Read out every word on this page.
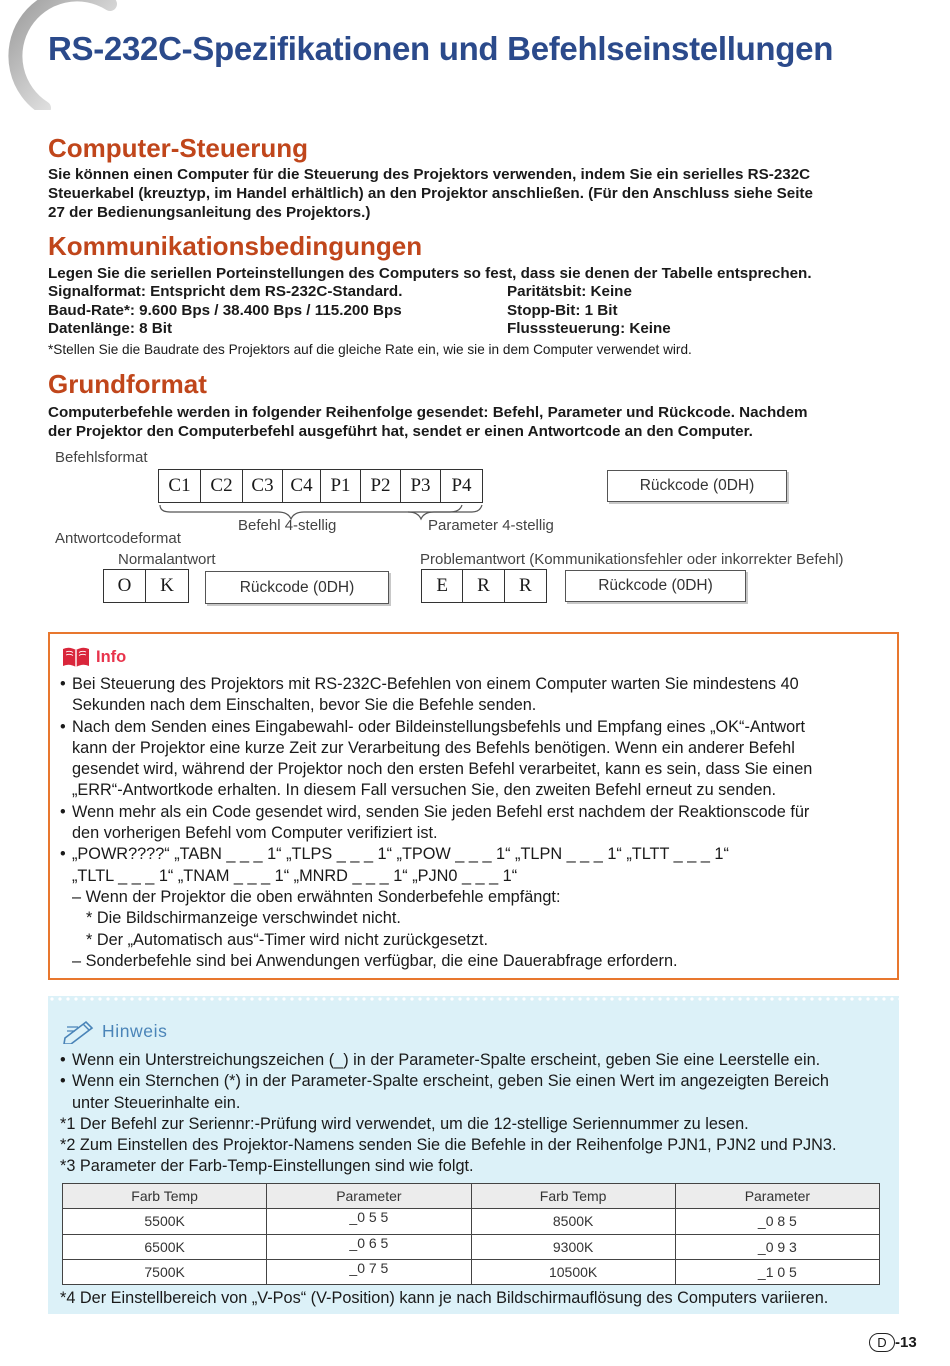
RS-232C-Spezifikationen und Befehlseinstellungen
Computer-Steuerung
Sie können einen Computer für die Steuerung des Projektors verwenden, indem Sie ein serielles RS-232C
Steuerkabel (kreuztyp, im Handel erhältlich) an den Projektor anschließen. (Für den Anschluss siehe Seite
27 der Bedienungsanleitung des Projektors.)
Kommunikationsbedingungen
Legen Sie die seriellen Porteinstellungen des Computers so fest, dass sie denen der Tabelle entsprechen.
Signalformat: Entspricht dem RS-232C-Standard.
Baud-Rate*: 9.600 Bps / 38.400 Bps / 115.200 Bps
Datenlänge: 8 Bit
Paritätsbit: Keine
Stopp-Bit: 1 Bit
Flusssteuerung: Keine
*Stellen Sie die Baudrate des Projektors auf die gleiche Rate ein, wie sie in dem Computer verwendet wird.
Grundformat
Computerbefehle werden in folgender Reihenfolge gesendet: Befehl, Parameter und Rückcode. Nachdem
der Projektor den Computerbefehl ausgeführt hat, sendet er einen Antwortcode an den Computer.
Befehlsformat
C1	C2 C3 C4 P1	P2	P3	P4	Rückcode (0DH)
Befehl 4-stellig	Parameter 4-stellig
Antwortcodeformat
Normalantwort	Problemantwort (Kommunikationsfehler oder inkorrekter Befehl)
O	K	Rückcode (0DH)	E	R	R	Rückcode (0DH)
Info
• Bei Steuerung des Projektors mit RS-232C-Befehlen von einem Computer warten Sie mindestens 40
Sekunden nach dem Einschalten, bevor Sie die Befehle senden.
• Nach dem Senden eines Eingabewahl- oder Bildeinstellungsbefehls und Empfang eines „OK“-Antwort
kann der Projektor eine kurze Zeit zur Verarbeitung des Befehls benötigen. Wenn ein anderer Befehl
gesendet wird, während der Projektor noch den ersten Befehl verarbeitet, kann es sein, dass Sie einen
„ERR“-Antwortkode erhalten. In diesem Fall versuchen Sie, den zweiten Befehl erneut zu senden.
• Wenn mehr als ein Code gesendet wird, senden Sie jeden Befehl erst nachdem der Reaktionscode für
den vorherigen Befehl vom Computer verifiziert ist.
• „POWR????“ „TABN _ _ _ 1“ „TLPS _ _ _ 1“ „TPOW _ _ _ 1“ „TLPN _ _ _ 1“ „TLTT _ _ _ 1“
„TLTL _ _ _ 1“ „TNAM _ _ _ 1“ „MNRD _ _ _ 1“ „PJN0 _ _ _ 1“
– Wenn der Projektor die oben erwähnten Sonderbefehle empfängt:
* Die Bildschirmanzeige verschwindet nicht.
* Der „Automatisch aus“-Timer wird nicht zurückgesetzt.
– Sonderbefehle sind bei Anwendungen verfügbar, die eine Dauerabfrage erfordern.
Hinweis
• Wenn ein Unterstreichungszeichen (_) in der Parameter-Spalte erscheint, geben Sie eine Leerstelle ein.
• Wenn ein Sternchen (*) in der Parameter-Spalte erscheint, geben Sie einen Wert im angezeigten Bereich
unter Steuerinhalte ein.
*1 Der Befehl zur Seriennr:-Prüfung wird verwendet, um die 12-stellige Seriennummer zu lesen.
*2 Zum Einstellen des Projektor-Namens senden Sie die Befehle in der Reihenfolge PJN1, PJN2 und PJN3.
*3 Parameter der Farb-Temp-Einstellungen sind wie folgt.
Farb Temp	Parameter	Farb Temp	Parameter
5500K	_0 5 5	8500K	_0 8 5
6500K	_0 6 5	9300K	_0 9 3
7500K	_0 7 5	10500K	_1 0 5
*4 Der Einstellbereich von „V-Pos“ (V-Position) kann je nach Bildschirmauflösung des Computers variieren.
D -13
